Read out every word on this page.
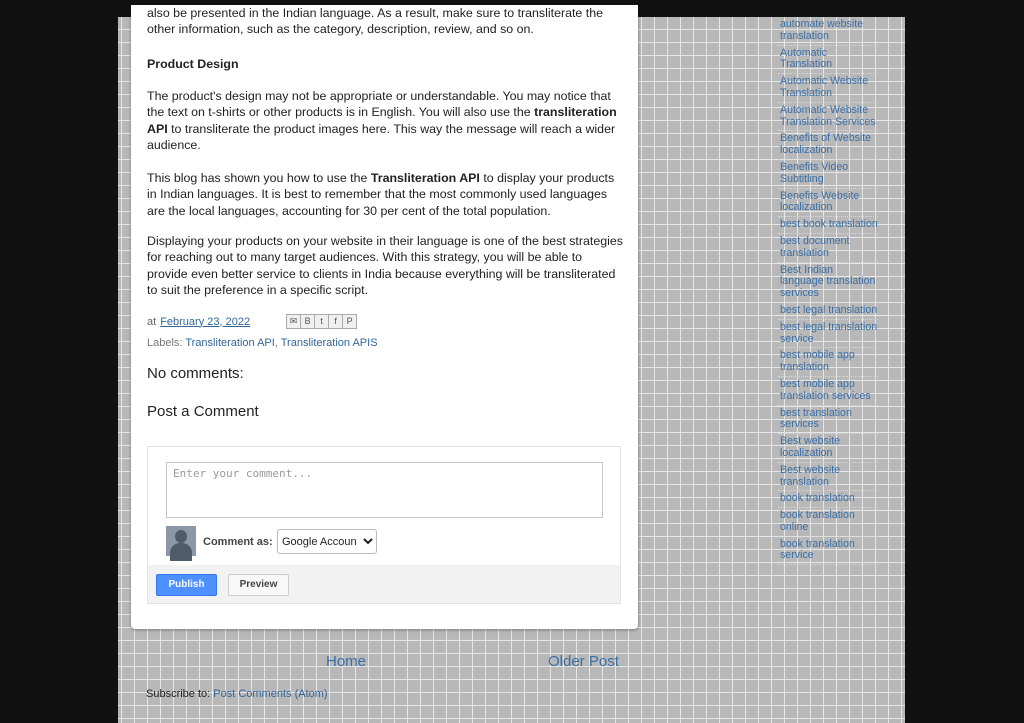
also be presented in the Indian language. As a result, make sure to transliterate the other information, such as the category, description, review, and so on.

Product Design

The product's design may not be appropriate or understandable. You may notice that the text on t-shirts or other products is in English. You will also use the transliteration API to transliterate the product images here. This way the message will reach a wider audience.

This blog has shown you how to use the Transliteration API to display your products in Indian languages. It is best to remember that the most commonly used languages are the local languages, accounting for 30 per cent of the total population.

Displaying your products on your website in their language is one of the best strategies for reaching out to many target audiences. With this strategy, you will be able to provide even better service to clients in India because everything will be transliterated to suit the preference in a specific script.

at February 23, 2022	✉ B	t	f	P
Labels: Transliteration API, Transliteration APIS
No comments:
Post a Comment
Enter your comment...
Comment as:
Google Accoun
Publish	Preview
Home	Older Post
Subscribe to: Post Comments (Atom)
automate website translation
Automatic Translation
Automatic Website Translation
Automatic Website Translation Services
Benefits of Website localization
Benefits Video Subtitling
Benefits Website localization
best book translation
best document translation
Best Indian language translation services
best legal translation
best legal translation service
best mobile app translation
best mobile app translation services
best translation services
Best website localization
Best website translation
book translation
book translation online
book translation service
